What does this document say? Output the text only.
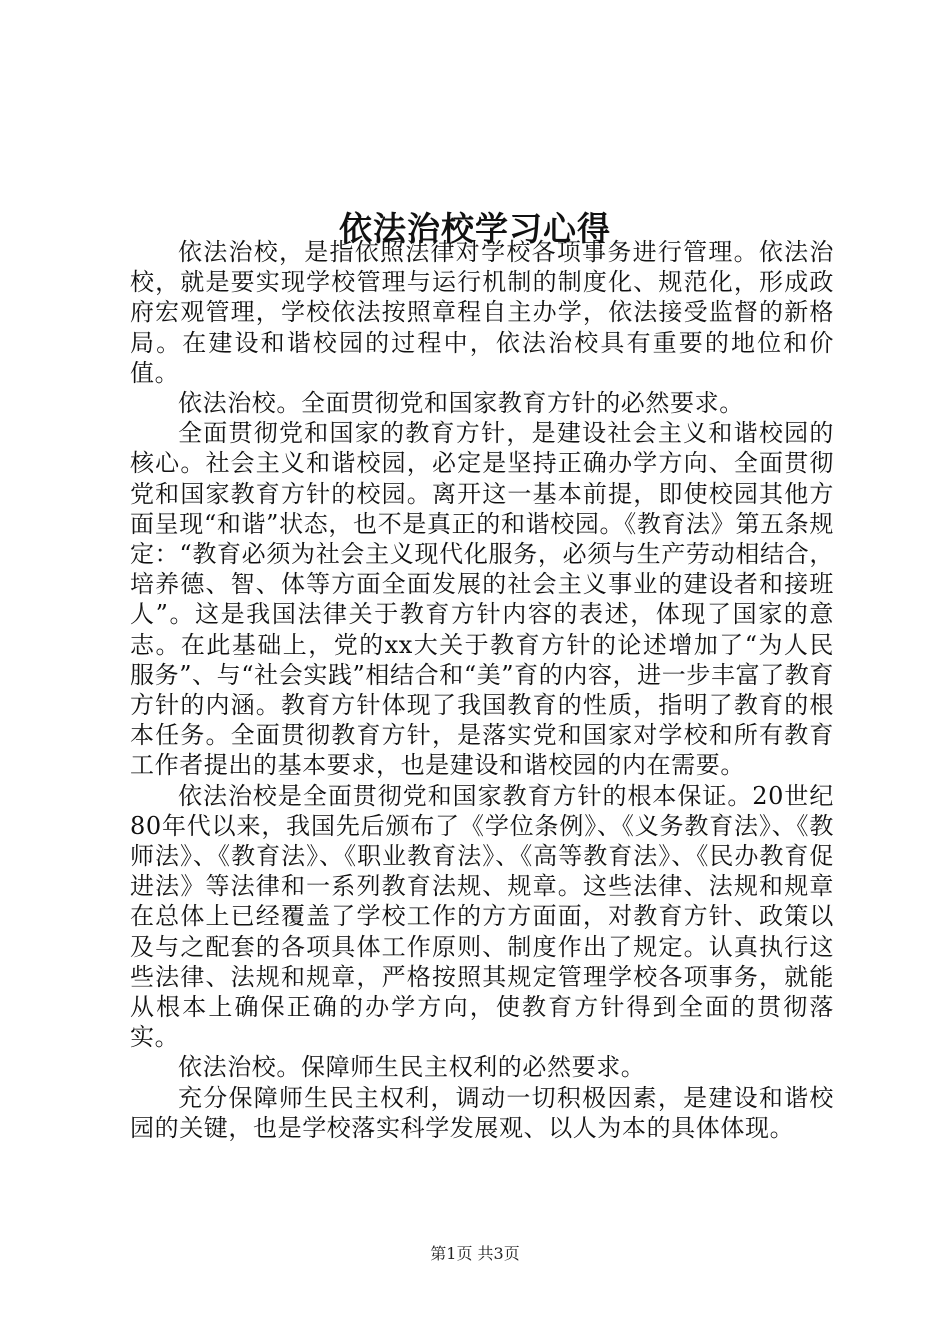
依法治校学习心得

依法治校，是指依照法律对学校各项事务进行管理。依法治校，就是要实现学校管理与运行机制的制度化、规范化，形成政府宏观管理，学校依法按照章程自主办学，依法接受监督的新格局。在建设和谐校园的过程中，依法治校具有重要的地位和价值。

依法治校。全面贯彻党和国家教育方针的必然要求。

全面贯彻党和国家的教育方针，是建设社会主义和谐校园的核心。社会主义和谐校园，必定是坚持正确办学方向、全面贯彻党和国家教育方针的校园。离开这一基本前提，即使校园其他方面呈现“和谐”状态，也不是真正的和谐校园。《教育法》第五条规定：“教育必须为社会主义现代化服务，必须与生产劳动相结合，培养德、智、体等方面全面发展的社会主义事业的建设者和接班人”。这是我国法律关于教育方针内容的表述，体现了国家的意志。在此基础上，党的xx大关于教育方针的论述增加了“为人民服务”、与“社会实践”相结合和“美”育的内容，进一步丰富了教育方针的内涵。教育方针体现了我国教育的性质，指明了教育的根本任务。全面贯彻教育方针，是落实党和国家对学校和所有教育工作者提出的基本要求，也是建设和谐校园的内在需要。

依法治校是全面贯彻党和国家教育方针的根本保证。20世纪80年代以来，我国先后颁布了《学位条例》、《义务教育法》、《教师法》、《教育法》、《职业教育法》、《高等教育法》、《民办教育促进法》等法律和一系列教育法规、规章。这些法律、法规和规章在总体上已经覆盖了学校工作的方方面面，对教育方针、政策以及与之配套的各项具体工作原则、制度作出了规定。认真执行这些法律、法规和规章，严格按照其规定管理学校各项事务，就能从根本上确保正确的办学方向，使教育方针得到全面的贯彻落实。

依法治校。保障师生民主权利的必然要求。

充分保障师生民主权利，调动一切积极因素，是建设和谐校园的关键，也是学校落实科学发展观、以人为本的具体体现。

第1页 共3页
